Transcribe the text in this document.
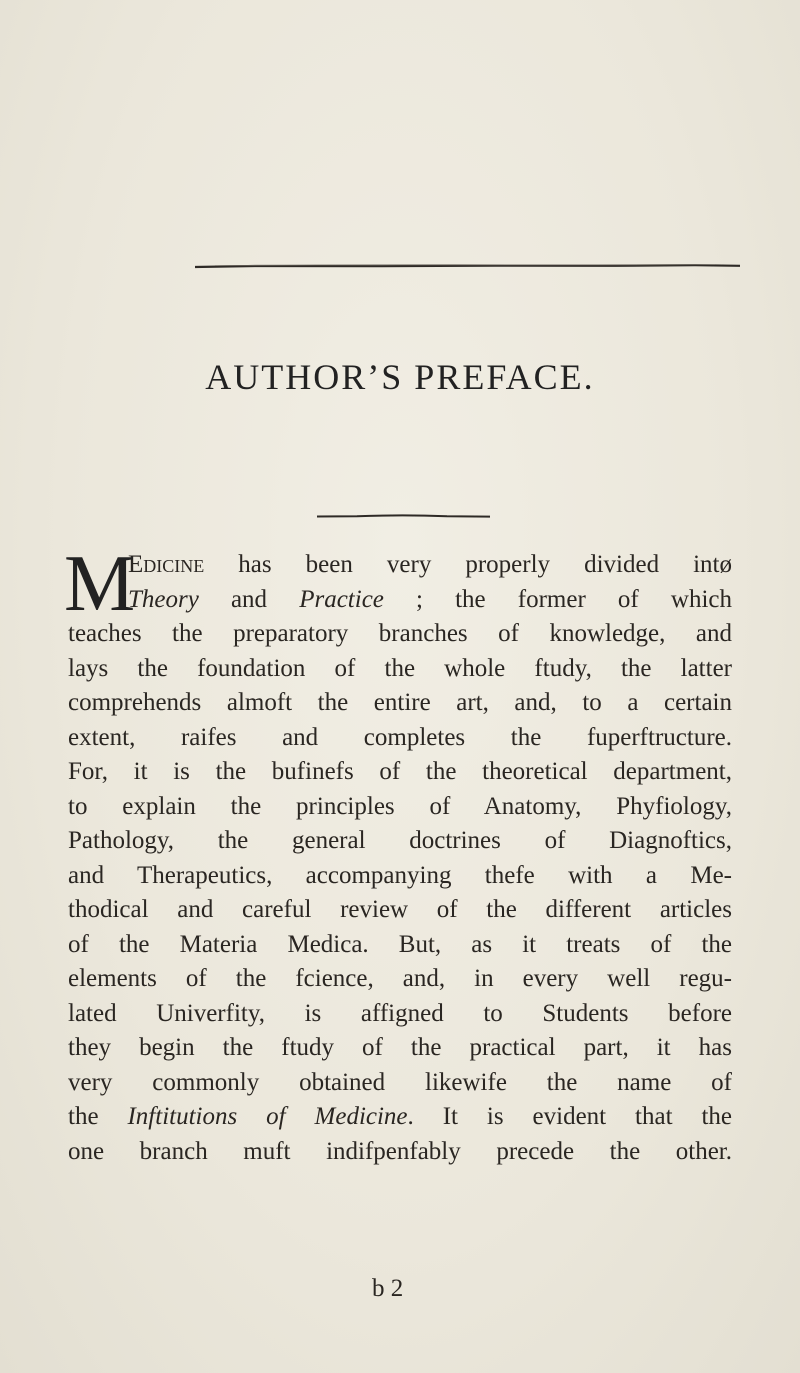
AUTHOR’S PREFACE.
M
Edicine has been very properly divided intø
Theory and Practice ; the former of which
teaches the preparatory branches of knowledge, and
lays the foundation of the whole ftudy, the latter
comprehends almoft the entire art, and, to a certain
extent, raifes and completes the fuperftructure.
For, it is the bufinefs of the theoretical department,
to explain the principles of Anatomy, Phyfiology,
Pathology, the general doctrines of Diagnoftics,
and Therapeutics, accompanying thefe with a Me-
thodical and careful review of the different articles
of the Materia Medica. But, as it treats of the
elements of the fcience, and, in every well regu-
lated Univerfity, is affigned to Students before
they begin the ftudy of the practical part, it has
very commonly obtained likewife the name of
the Inftitutions of Medicine. It is evident that the
one branch muft indifpenfably precede the other.
b 2
